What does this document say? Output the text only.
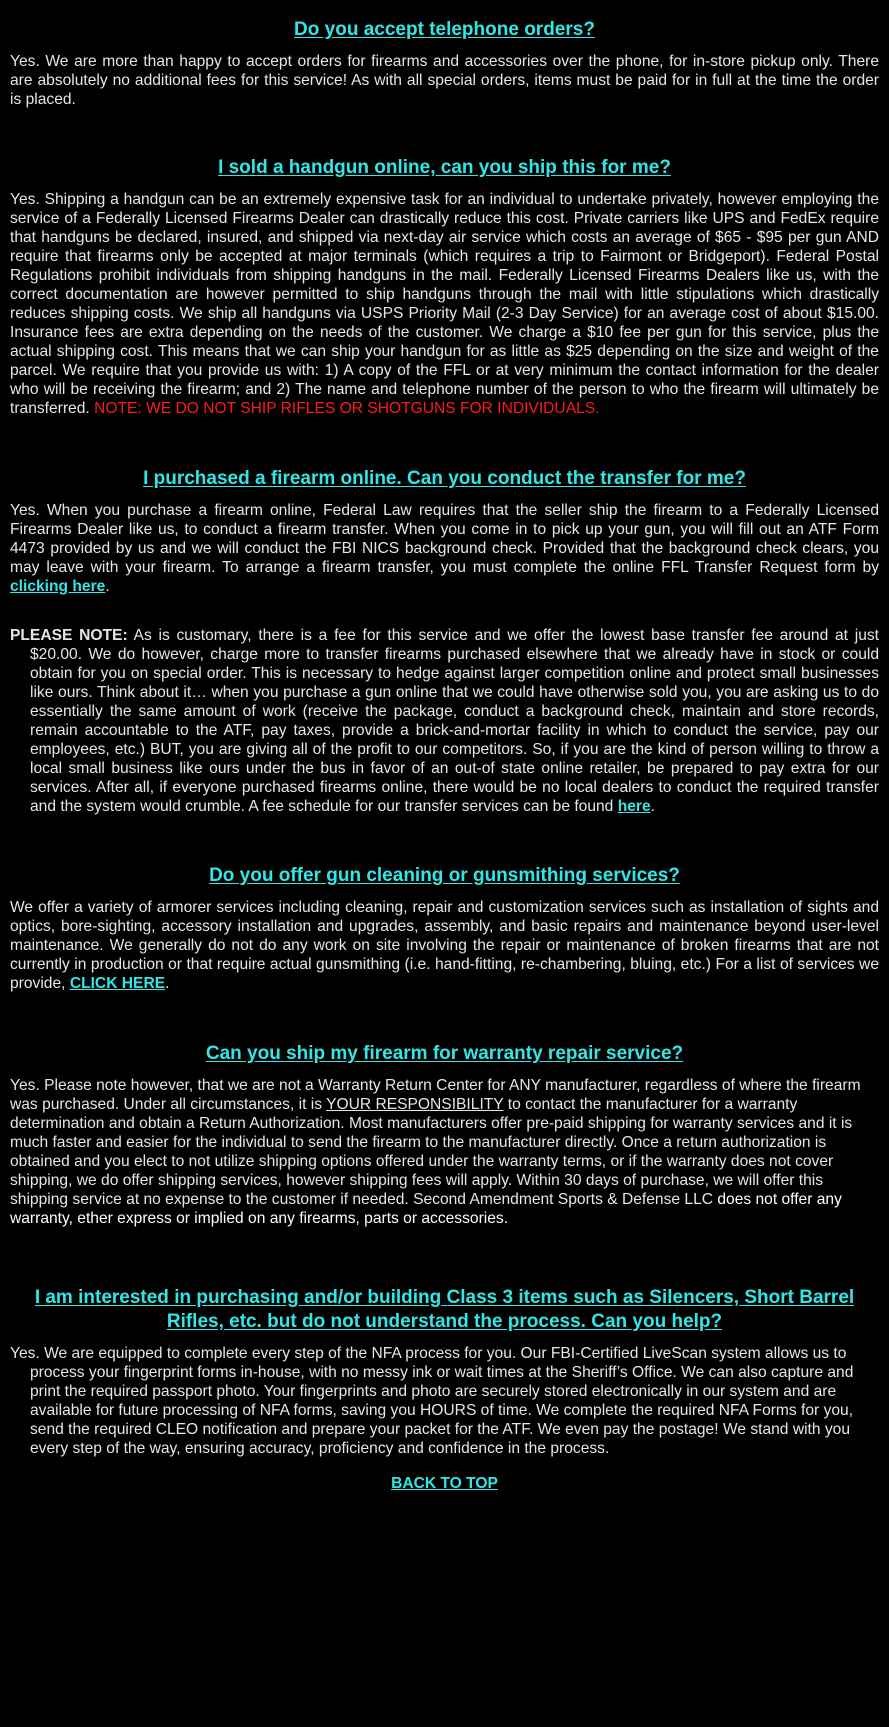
Do you accept telephone orders?

Yes. We are more than happy to accept orders for firearms and accessories over the phone, for in-store pickup only. There are absolutely no additional fees for this service! As with all special orders, items must be paid for in full at the time the order is placed.

I sold a handgun online, can you ship this for me?

Yes. Shipping a handgun can be an extremely expensive task for an individual to undertake privately, however employing the service of a Federally Licensed Firearms Dealer can drastically reduce this cost. Private carriers like UPS and FedEx require that handguns be declared, insured, and shipped via next-day air service which costs an average of $65 - $95 per gun AND require that firearms only be accepted at major terminals (which requires a trip to Fairmont or Bridgeport). Federal Postal Regulations prohibit individuals from shipping handguns in the mail. Federally Licensed Firearms Dealers like us, with the correct documentation are however permitted to ship handguns through the mail with little stipulations which drastically reduces shipping costs. We ship all handguns via USPS Priority Mail (2-3 Day Service) for an average cost of about $15.00. Insurance fees are extra depending on the needs of the customer. We charge a $10 fee per gun for this service, plus the actual shipping cost. This means that we can ship your handgun for as little as $25 depending on the size and weight of the parcel. We require that you provide us with: 1) A copy of the FFL or at very minimum the contact information for the dealer who will be receiving the firearm; and 2) The name and telephone number of the person to who the firearm will ultimately be transferred. NOTE: WE DO NOT SHIP RIFLES OR SHOTGUNS FOR INDIVIDUALS.

I purchased a firearm online. Can you conduct the transfer for me?

Yes. When you purchase a firearm online, Federal Law requires that the seller ship the firearm to a Federally Licensed Firearms Dealer like us, to conduct a firearm transfer. When you come in to pick up your gun, you will fill out an ATF Form 4473 provided by us and we will conduct the FBI NICS background check. Provided that the background check clears, you may leave with your firearm. To arrange a firearm transfer, you must complete the online FFL Transfer Request form by clicking here.

PLEASE NOTE: As is customary, there is a fee for this service and we offer the lowest base transfer fee around at just $20.00. We do however, charge more to transfer firearms purchased elsewhere that we already have in stock or could obtain for you on special order. This is necessary to hedge against larger competition online and protect small businesses like ours. Think about it… when you purchase a gun online that we could have otherwise sold you, you are asking us to do essentially the same amount of work (receive the package, conduct a background check, maintain and store records, remain accountable to the ATF, pay taxes, provide a brick-and-mortar facility in which to conduct the service, pay our employees, etc.) BUT, you are giving all of the profit to our competitors. So, if you are the kind of person willing to throw a local small business like ours under the bus in favor of an out-of state online retailer, be prepared to pay extra for our services. After all, if everyone purchased firearms online, there would be no local dealers to conduct the required transfer and the system would crumble. A fee schedule for our transfer services can be found here.

Do you offer gun cleaning or gunsmithing services?

We offer a variety of armorer services including cleaning, repair and customization services such as installation of sights and optics, bore-sighting, accessory installation and upgrades, assembly, and basic repairs and maintenance beyond user-level maintenance. We generally do not do any work on site involving the repair or maintenance of broken firearms that are not currently in production or that require actual gunsmithing (i.e. hand-fitting, re-chambering, bluing, etc.) For a list of services we provide, CLICK HERE.

Can you ship my firearm for warranty repair service?

Yes. Please note however, that we are not a Warranty Return Center for ANY manufacturer, regardless of where the firearm was purchased. Under all circumstances, it is YOUR RESPONSIBILITY to contact the manufacturer for a warranty determination and obtain a Return Authorization. Most manufacturers offer pre-paid shipping for warranty services and it is much faster and easier for the individual to send the firearm to the manufacturer directly. Once a return authorization is obtained and you elect to not utilize shipping options offered under the warranty terms, or if the warranty does not cover shipping, we do offer shipping services, however shipping fees will apply. Within 30 days of purchase, we will offer this shipping service at no expense to the customer if needed. Second Amendment Sports & Defense LLC does not offer any warranty, ether express or implied on any firearms, parts or accessories.

I am interested in purchasing and/or building Class 3 items such as Silencers, Short Barrel Rifles, etc. but do not understand the process. Can you help?

Yes. We are equipped to complete every step of the NFA process for you. Our FBI-Certified LiveScan system allows us to process your fingerprint forms in-house, with no messy ink or wait times at the Sheriff’s Office. We can also capture and print the required passport photo. Your fingerprints and photo are securely stored electronically in our system and are available for future processing of NFA forms, saving you HOURS of time. We complete the required NFA Forms for you, send the required CLEO notification and prepare your packet for the ATF. We even pay the postage! We stand with you every step of the way, ensuring accuracy, proficiency and confidence in the process.

BACK TO TOP
